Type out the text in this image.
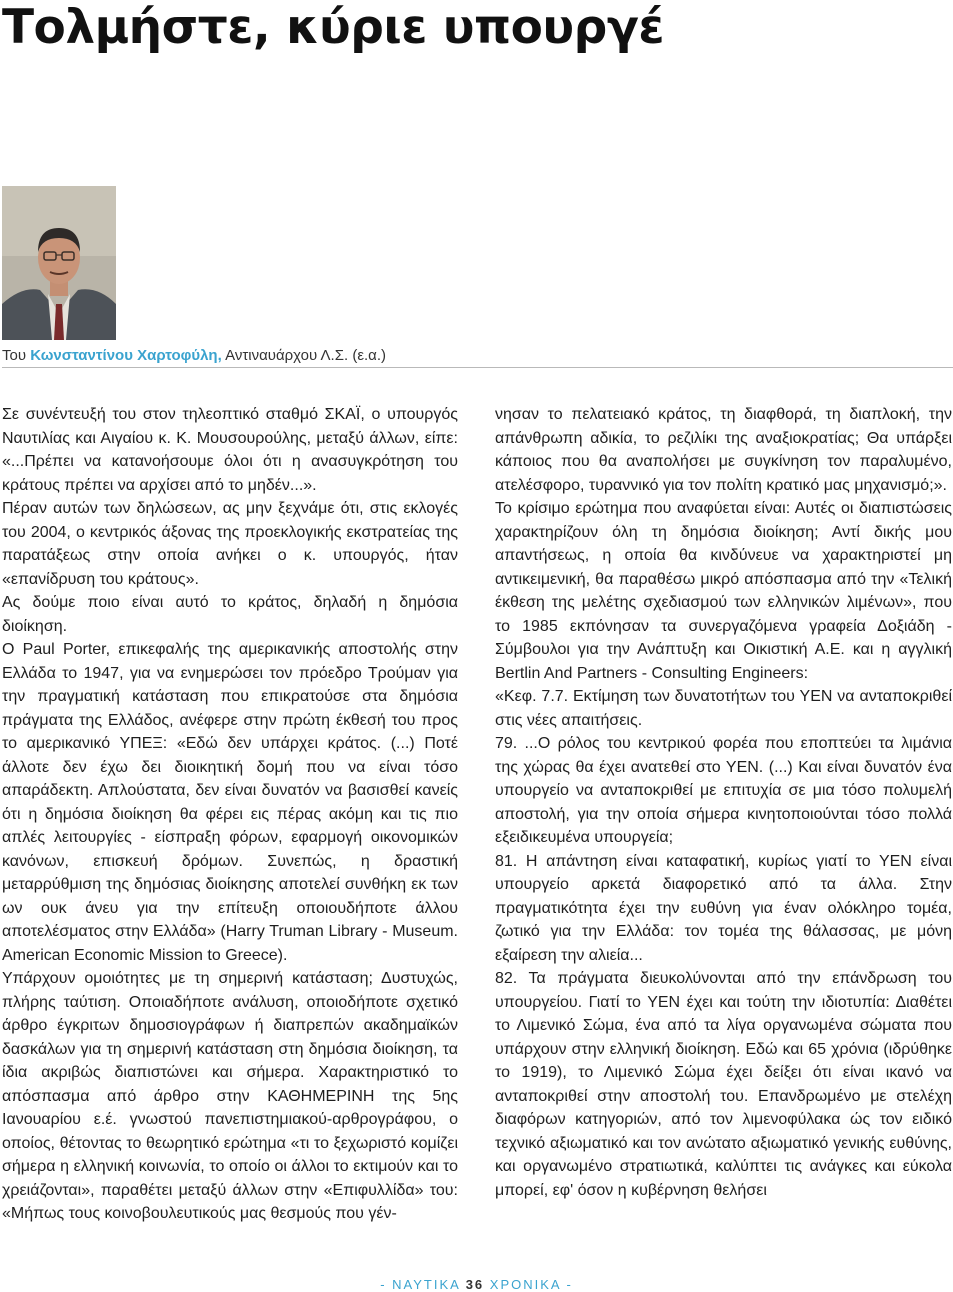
Τολμήστε, κύριε υπουργέ
Του Κωνσταντίνου Χαρτοφύλη, Αντιναυάρχου Λ.Σ. (ε.α.)

Σε συνέντευξή του στον τηλεοπτικό σταθμό ΣΚΑΪ, ο υπουργός Ναυτιλίας και Αιγαίου κ. Κ. Μουσουρούλης, μεταξύ άλλων, είπε: «...Πρέπει να κατανοήσουμε όλοι ότι η ανασυγκρότηση του κράτους πρέπει να αρχίσει από το μηδέν...».

Πέραν αυτών των δηλώσεων, ας μην ξεχνάμε ότι, στις εκλογές του 2004, ο κεντρικός άξονας της προεκλογικής εκστρατείας της παρατάξεως στην οποία ανήκει ο κ. υπουργός, ήταν «επανίδρυση του κράτους».

Ας δούμε ποιο είναι αυτό το κράτος, δηλαδή η δημόσια διοίκηση.

Ο Paul Porter, επικεφαλής της αμερικανικής αποστολής στην Ελλάδα το 1947, για να ενημερώσει τον πρόεδρο Τρούμαν για την πραγματική κατάσταση που επικρατούσε στα δημόσια πράγματα της Ελλάδος, ανέφερε στην πρώτη έκθεσή του προς το αμερικανικό ΥΠΕΞ: «Εδώ δεν υπάρχει κράτος. (...) Ποτέ άλλοτε δεν έχω δει διοικητική δομή που να είναι τόσο απαράδεκτη. Απλούστατα, δεν είναι δυνατόν να βασισθεί κανείς ότι η δημόσια διοίκηση θα φέρει εις πέρας ακόμη και τις πιο απλές λειτουργίες - είσπραξη φόρων, εφαρμογή οικονομικών κανόνων, επισκευή δρόμων. Συνεπώς, η δραστική μεταρρύθμιση της δημόσιας διοίκησης αποτελεί συνθήκη εκ των ων ουκ άνευ για την επίτευξη οποιουδήποτε άλλου αποτελέσματος στην Ελλάδα» (Harry Truman Library - Museum. American Economic Mission to Greece).

Υπάρχουν ομοιότητες με τη σημερινή κατάσταση; Δυστυχώς, πλήρης ταύτιση. Οποιαδήποτε ανάλυση, οποιοδήποτε σχετικό άρθρο έγκριτων δημοσιογράφων ή διαπρεπών ακαδημαϊκών δασκάλων για τη σημερινή κατάσταση στη δημόσια διοίκηση, τα ίδια ακριβώς διαπιστώνει και σήμερα. Χαρακτηριστικό το απόσπασμα από άρθρο στην ΚΑΘΗΜΕΡΙΝΗ της 5ης Ιανουαρίου ε.έ. γνωστού πανεπιστημιακού-αρθρογράφου, ο οποίος, θέτοντας το θεωρητικό ερώτημα «τι το ξεχωριστό κομίζει σήμερα η ελληνική κοινωνία, το οποίο οι άλλοι το εκτιμούν και το χρειάζονται», παραθέτει μεταξύ άλλων στην «Επιφυλλίδα» του: «Μήπως τους κοινοβουλευτικούς μας θεσμούς που γέν-

νησαν το πελατειακό κράτος, τη διαφθορά, τη διαπλοκή, την απάνθρωπη αδικία, το ρεζιλίκι της αναξιοκρατίας; Θα υπάρξει κάποιος που θα αναπολήσει με συγκίνηση τον παραλυμένο, ατελέσφορο, τυραννικό για τον πολίτη κρατικό μας μηχανισμό;».

Το κρίσιμο ερώτημα που αναφύεται είναι: Αυτές οι διαπιστώσεις χαρακτηρίζουν όλη τη δημόσια διοίκηση; Αντί δικής μου απαντήσεως, η οποία θα κινδύνευε να χαρακτηριστεί μη αντικειμενική, θα παραθέσω μικρό απόσπασμα από την «Τελική έκθεση της μελέτης σχεδιασμού των ελληνικών λιμένων», που το 1985 εκπόνησαν τα συνεργαζόμενα γραφεία Δοξιάδη - Σύμβουλοι για την Ανάπτυξη και Οικιστική Α.Ε. και η αγγλική Bertlin And Partners - Consulting Engineers:

«Κεφ. 7.7. Εκτίμηση των δυνατοτήτων του ΥΕΝ να ανταποκριθεί στις νέες απαιτήσεις.

79. ...Ο ρόλος του κεντρικού φορέα που εποπτεύει τα λιμάνια της χώρας θα έχει ανατεθεί στο ΥΕΝ. (...) Και είναι δυνατόν ένα υπουργείο να ανταποκριθεί με επιτυχία σε μια τόσο πολυμελή αποστολή, για την οποία σήμερα κινητοποιούνται τόσο πολλά εξειδικευμένα υπουργεία;

81. Η απάντηση είναι καταφατική, κυρίως γιατί το ΥΕΝ είναι υπουργείο αρκετά διαφορετικό από τα άλλα. Στην πραγματικότητα έχει την ευθύνη για έναν ολόκληρο τομέα, ζωτικό για την Ελλάδα: τον τομέα της θάλασσας, με μόνη εξαίρεση την αλιεία...

82. Τα πράγματα διευκολύνονται από την επάνδρωση του υπουργείου. Γιατί το ΥΕΝ έχει και τούτη την ιδιοτυπία: Διαθέτει το Λιμενικό Σώμα, ένα από τα λίγα οργανωμένα σώματα που υπάρχουν στην ελληνική διοίκηση. Εδώ και 65 χρόνια (ιδρύθηκε το 1919), το Λιμενικό Σώμα έχει δείξει ότι είναι ικανό να ανταποκριθεί στην αποστολή του. Επανδρωμένο με στελέχη διαφόρων κατηγοριών, από τον λιμενοφύλακα ώς τον ειδικό τεχνικό αξιωματικό και τον ανώτατο αξιωματικό γενικής ευθύνης, και οργανωμένο στρατιωτικά, καλύπτει τις ανάγκες και εύκολα μπορεί, εφ' όσον η κυβέρνηση θελήσει

- ΝΑΥΤΙΚΑ 36 ΧΡΟΝΙΚΑ -
